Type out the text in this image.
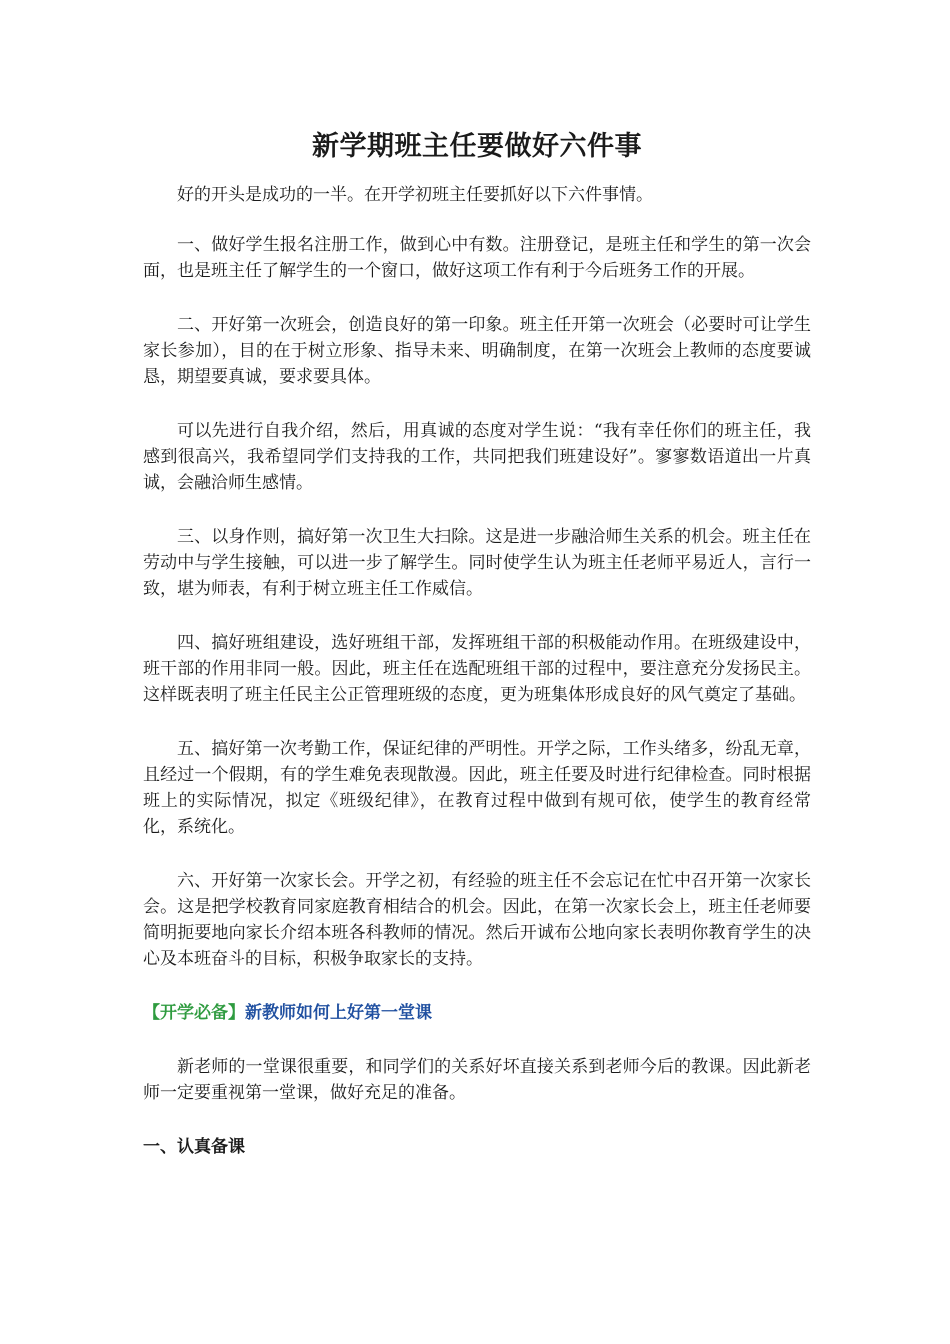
新学期班主任要做好六件事

好的开头是成功的一半。在开学初班主任要抓好以下六件事情。

一、做好学生报名注册工作，做到心中有数。注册登记，是班主任和学生的第一次会面，也是班主任了解学生的一个窗口，做好这项工作有利于今后班务工作的开展。

二、开好第一次班会，创造良好的第一印象。班主任开第一次班会（必要时可让学生家长参加），目的在于树立形象、指导未来、明确制度，在第一次班会上教师的态度要诚恳，期望要真诚，要求要具体。

可以先进行自我介绍，然后，用真诚的态度对学生说：“我有幸任你们的班主任，我感到很高兴，我希望同学们支持我的工作，共同把我们班建设好”。寥寥数语道出一片真诚，会融洽师生感情。

三、以身作则，搞好第一次卫生大扫除。这是进一步融洽师生关系的机会。班主任在劳动中与学生接触，可以进一步了解学生。同时使学生认为班主任老师平易近人，言行一致，堪为师表，有利于树立班主任工作威信。

四、搞好班组建设，选好班组干部，发挥班组干部的积极能动作用。在班级建设中，班干部的作用非同一般。因此，班主任在选配班组干部的过程中，要注意充分发扬民主。这样既表明了班主任民主公正管理班级的态度，更为班集体形成良好的风气奠定了基础。

五、搞好第一次考勤工作，保证纪律的严明性。开学之际，工作头绪多，纷乱无章，且经过一个假期，有的学生难免表现散漫。因此，班主任要及时进行纪律检查。同时根据班上的实际情况，拟定《班级纪律》，在教育过程中做到有规可依，使学生的教育经常化，系统化。

六、开好第一次家长会。开学之初，有经验的班主任不会忘记在忙中召开第一次家长会。这是把学校教育同家庭教育相结合的机会。因此，在第一次家长会上，班主任老师要简明扼要地向家长介绍本班各科教师的情况。然后开诚布公地向家长表明你教育学生的决心及本班奋斗的目标，积极争取家长的支持。

【开学必备】新教师如何上好第一堂课

新老师的一堂课很重要，和同学们的关系好坏直接关系到老师今后的教课。因此新老师一定要重视第一堂课，做好充足的准备。

一、认真备课
